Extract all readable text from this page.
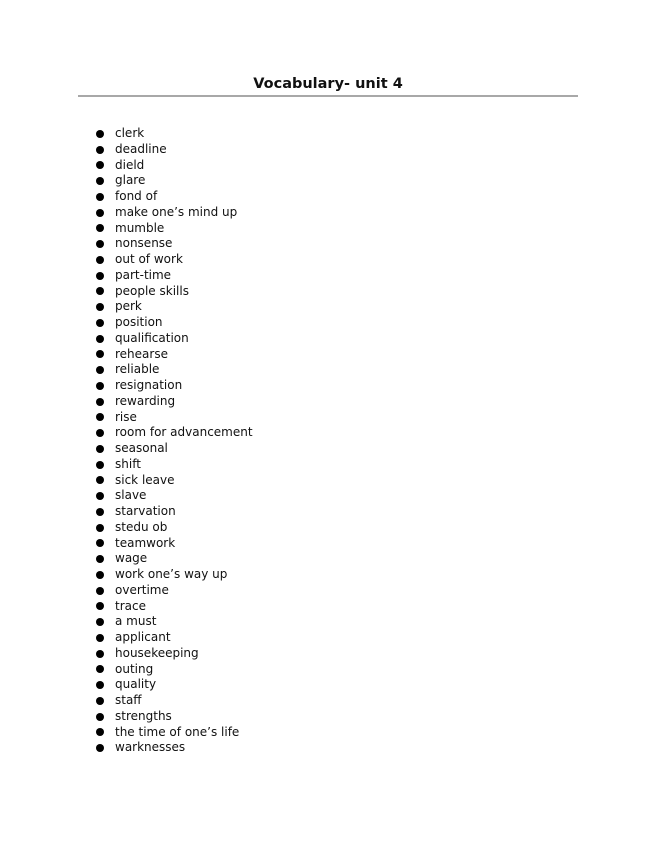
Vocabulary- unit 4
clerk
deadline
dield
glare
fond of
make one’s mind up
mumble
nonsense
out of work
part-time
people skills
perk
position
qualification
rehearse
reliable
resignation
rewarding
rise
room for advancement
seasonal
shift
sick leave
slave
starvation
stedu ob
teamwork
wage
work one’s way up
overtime
trace
a must
applicant
housekeeping
outing
quality
staff
strengths
the time of one’s life
warknesses
